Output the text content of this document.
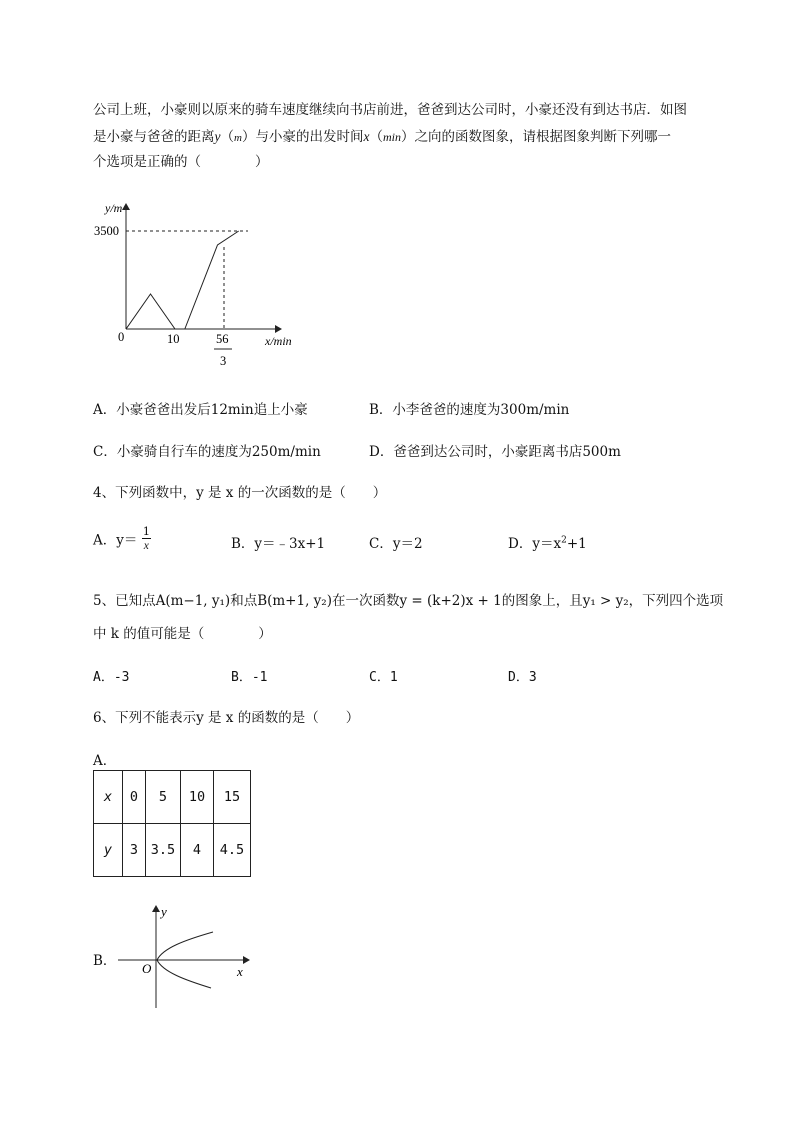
公司上班，小豪则以原来的骑车速度继续向书店前进，爸爸到达公司时，小豪还没有到达书店．如图
是小豪与爸爸的距离y（m）与小豪的出发时间x（min）之向的函数图象，请根据图象判断下列哪一
个选项是正确的（　　　　）
y/m
x/min
3500
0	10	56
3
A．小豪爸爸出发后12min追上小豪	B．小李爸爸的速度为300m/min
C．小豪骑自行车的速度为250m/min	D．爸爸到达公司时，小豪距离书店500m
4、下列函数中，y 是 x 的一次函数的是（　　）
A．$y= \frac{1}{x}$	B．y＝﹣3x+1	C．y＝2	D．$y=x^2+1$
5、已知点A(m−1, y₁)和点B(m+1, y₂)在一次函数y = (k+2)x + 1的图象上，且y₁ > y₂，下列四个选项
中 k 的值可能是（　　　　）
A．-3	B．-1	C．1	D．3
6、下列不能表示y 是 x 的函数的是（　　）
A．
x	0	5	10	15
y	3	3.5	4	4.5
B．
y
x
O
